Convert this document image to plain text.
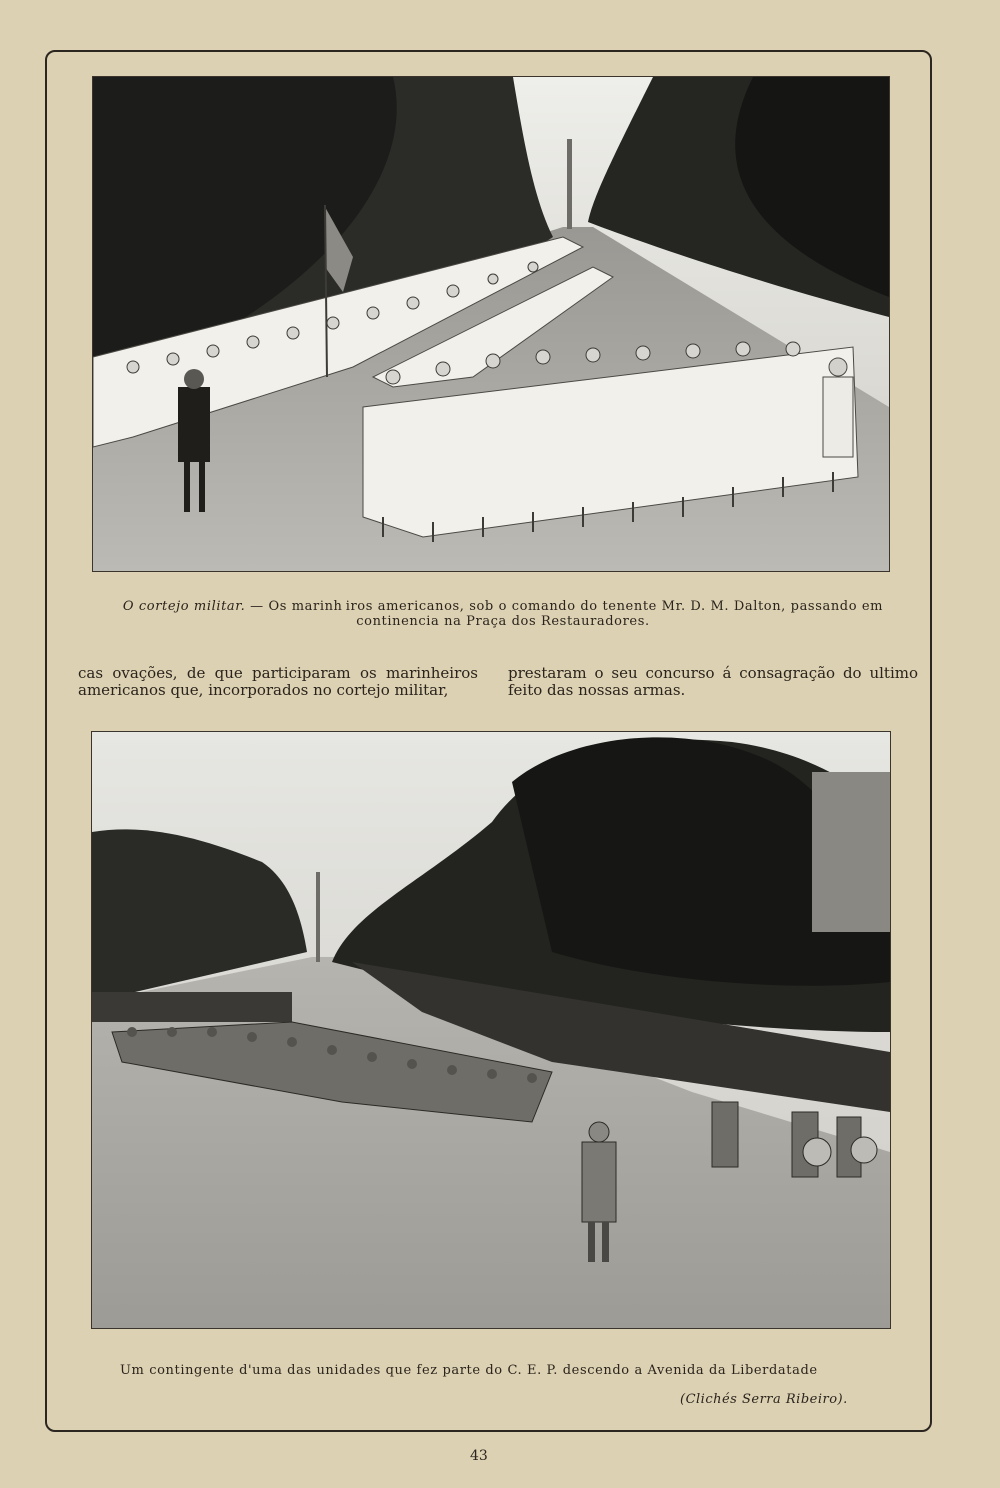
O cortejo militar. — Os marinh iros americanos, sob o comando do tenente Mr. D. M. Dalton, passando em continencia na Praça dos Restauradores.
cas ovações, de que participaram os marinheiros americanos que, incorporados no cortejo militar,
prestaram o seu concurso á consagração do ultimo feito das nossas armas.
Um contingente d'uma das unidades que fez parte do C. E. P. descendo a Avenida da Liberdatade
(Clichés Serra Ribeiro).
43
